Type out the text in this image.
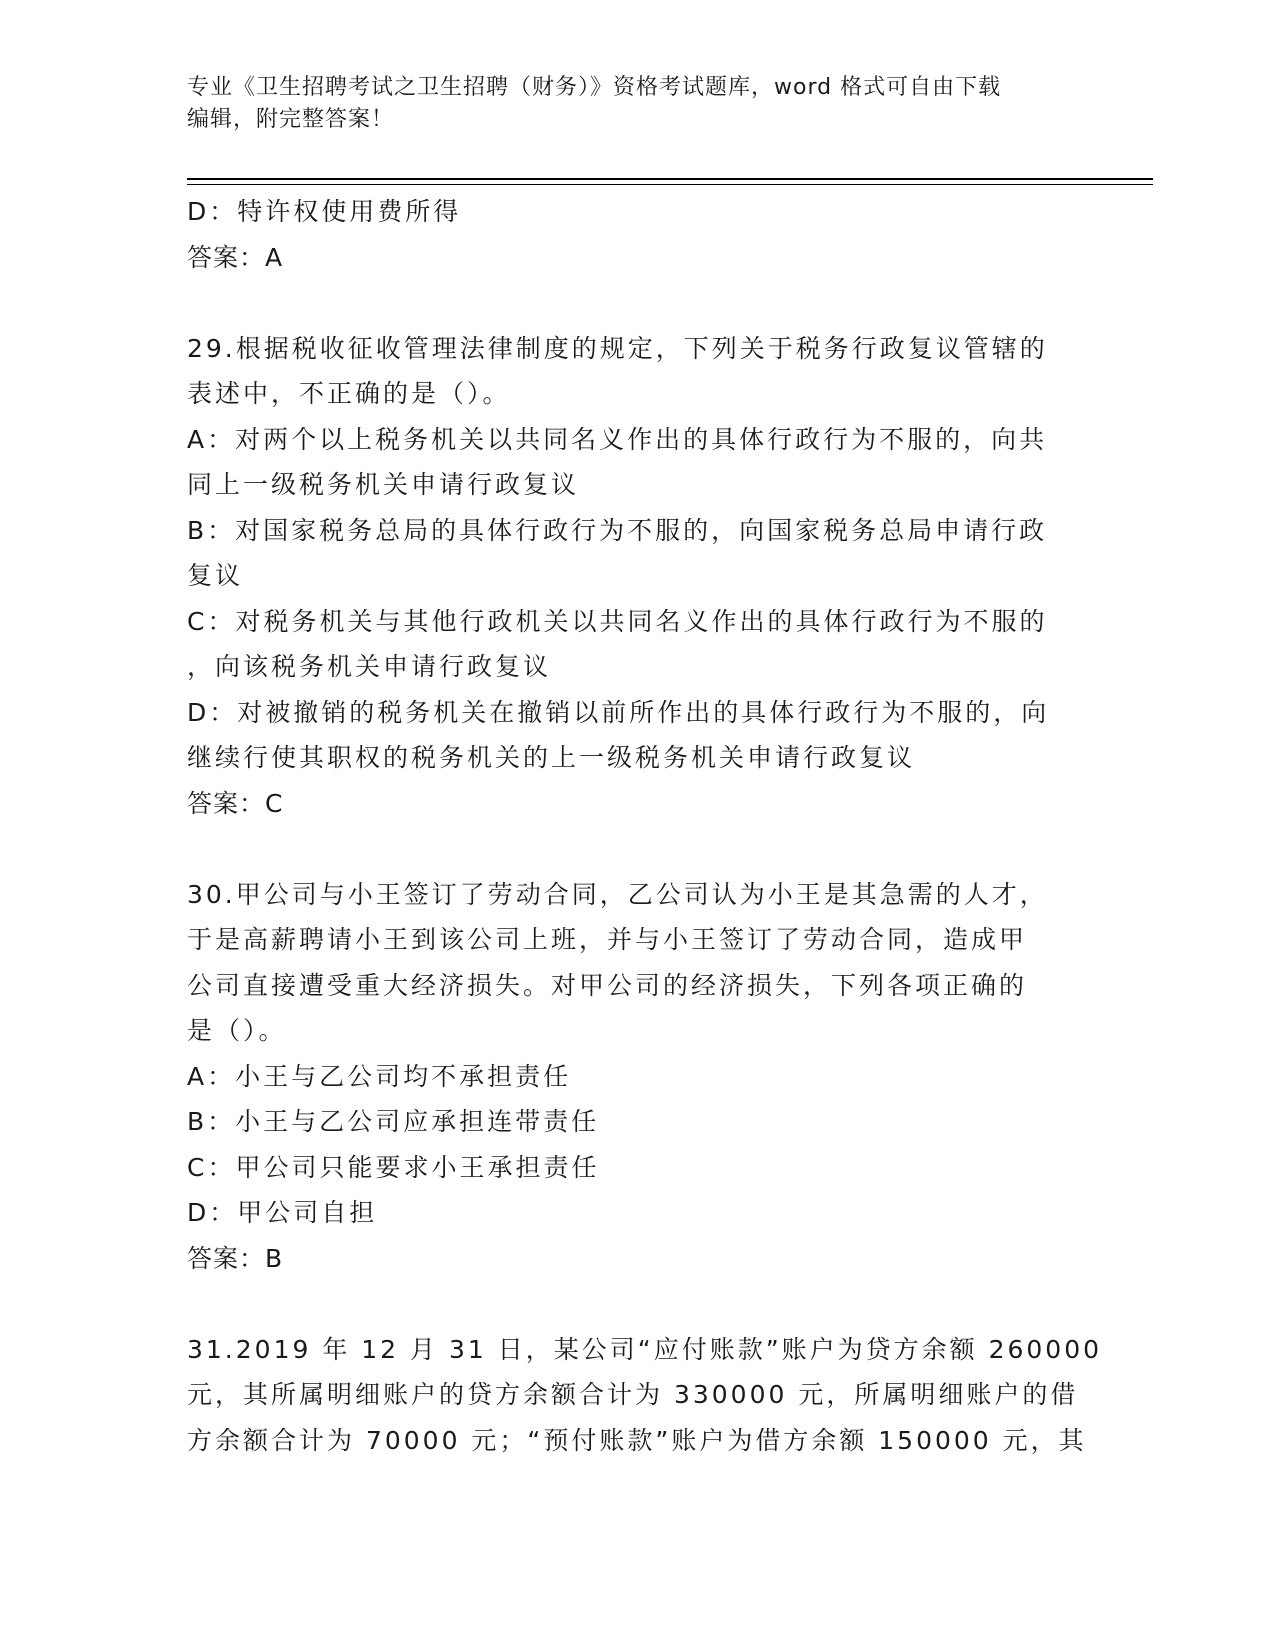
专业《卫生招聘考试之卫生招聘（财务）》资格考试题库，word 格式可自由下载
编辑，附完整答案！
D：特许权使用费所得
答案：A
29.根据税收征收管理法律制度的规定，下列关于税务行政复议管辖的
表述中，不正确的是（）。
A：对两个以上税务机关以共同名义作出的具体行政行为不服的，向共
同上一级税务机关申请行政复议
B：对国家税务总局的具体行政行为不服的，向国家税务总局申请行政
复议
C：对税务机关与其他行政机关以共同名义作出的具体行政行为不服的
，向该税务机关申请行政复议
D：对被撤销的税务机关在撤销以前所作出的具体行政行为不服的，向
继续行使其职权的税务机关的上一级税务机关申请行政复议
答案：C
30.甲公司与小王签订了劳动合同，乙公司认为小王是其急需的人才，
于是高薪聘请小王到该公司上班，并与小王签订了劳动合同，造成甲
公司直接遭受重大经济损失。对甲公司的经济损失，下列各项正确的
是（）。
A：小王与乙公司均不承担责任
B：小王与乙公司应承担连带责任
C：甲公司只能要求小王承担责任
D：甲公司自担
答案：B
31.2019 年 12 月 31 日，某公司“应付账款”账户为贷方余额 260000
元，其所属明细账户的贷方余额合计为 330000 元，所属明细账户的借
方余额合计为 70000 元；“预付账款”账户为借方余额 150000 元，其
